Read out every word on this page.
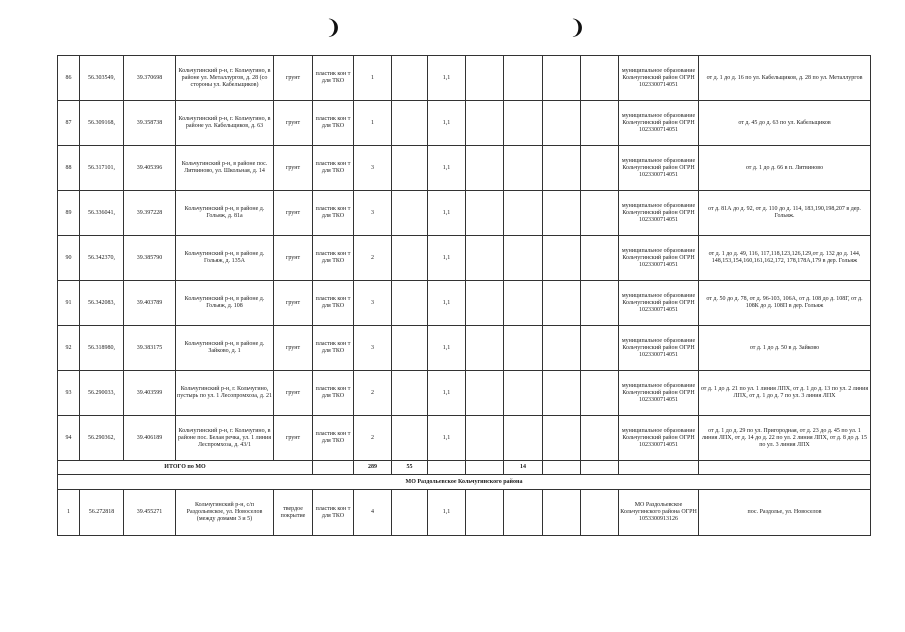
❩	❩
86	56.303549,	39.370698	Кольчугинский р-н, г. Кольчугино, в районе ул. Металлургов, д. 28 (со стороны ул. Кабельщиков)	грунт	пластик кон т для ТКО	1		1,1					муниципальное образование Кольчугинский район ОГРН 1023300714051	от д. 1 до д. 16 по ул. Кабельщиков, д. 28 по ул. Металлургов
87	56.309168,	39.358738	Кольчугинский р-н, г. Кольчугино, в районе ул. Кабельщиков, д. 63	грунт	пластик кон т для ТКО	1		1,1					муниципальное образование Кольчугинский район ОГРН 1023300714051	от д. 45 до д. 63 по ул. Кабельщиков
88	56.317101,	39.405396	Кольчугинский р-н, в районе пос. Литвиново, ул. Школьная, д. 14	грунт	пластик кон т для ТКО	3		1,1					муниципальное образование Кольчугинский район ОГРН 1023300714051	от д. 1 до д. 66 в п. Литвиново
89	56.336041,	39.397228	Кольчугинский р-н, в районе д. Гольяж, д. 81а	грунт	пластик кон т для ТКО	3		1,1					муниципальное образование Кольчугинский район ОГРН 1023300714051	от д. 81А до д. 92, от д. 110 до д. 114, 183,190,198,207 в дер. Гольяж.
90	56.342370,	39.385790	Кольчугинский р-н, в районе д. Гольяж, д. 135А	грунт	пластик кон т для ТКО	2		1,1					муниципальное образование Кольчугинский район ОГРН 1023300714051	от д. 1 до д. 49, 116, 117,118,123,126,129,от д. 132 до д. 144, 148,153,154,160,161,162,172, 178,178А,179 в дер. Гольяж
91	56.342083,	39.403789	Кольчугинский р-н, в районе д. Гольяж, д. 108	грунт	пластик кон т для ТКО	3		1,1					муниципальное образование Кольчугинский район ОГРН 1023300714051	от д. 50 до д. 78, от д. 96-103, 106А, от д. 108 до д. 108Г, от д. 108К до д. 108П в дер. Гольяж
92	56.318980,	39.383175	Кольчугинский р-н, в районе д. Зайково, д. 1	грунт	пластик кон т для ТКО	3		1,1					муниципальное образование Кольчугинский район ОГРН 1023300714051	от д. 1 до д. 50 в д. Зайково
93	56.290033,	39.403599	Кольчугинский р-н, г. Кольчугино, пустырь по ул. 1 Лесопромхоза, д. 21	грунт	пластик кон т для ТКО	2		1,1					муниципальное образование Кольчугинский район ОГРН 1023300714051	от д. 1 до д. 21 по ул. 1 линия ЛПХ, от д. 1 до д. 13 по ул. 2 линия ЛПХ, от д. 1 до д. 7 по ул. 3 линия ЛПХ
94	56.290362,	39.406189	Кольчугинский р-н, г. Кольчугино, в районе пос. Белая речка, ул. 1 линия Леспромхоза, д. 43/1	грунт	пластик кон т для ТКО	2		1,1					муниципальное образование Кольчугинский район ОГРН 1023300714051	от д. 1 до д. 29 по ул. Пригородная, от д. 23 до д. 45 по ул. 1 линия ЛПХ, от д. 14 до д. 22 по ул. 2 линия ЛПХ, от д. 8 до д. 15 по ул. 3 линия ЛПХ
ИТОГО по МО						289	55			14				
МО Раздольевское Кольчугинского района														
1	56.272818	39.455271	Кольчугинский р-н, с/п Раздольевское, ул. Новоселов (между домами 3 и 5)	твердое покрытие	пластик кон т для ТКО	4		1,1					МО Раздольевское Кольчугинского района ОГРН 1053300913126	пос. Раздолье, ул. Новоселов
